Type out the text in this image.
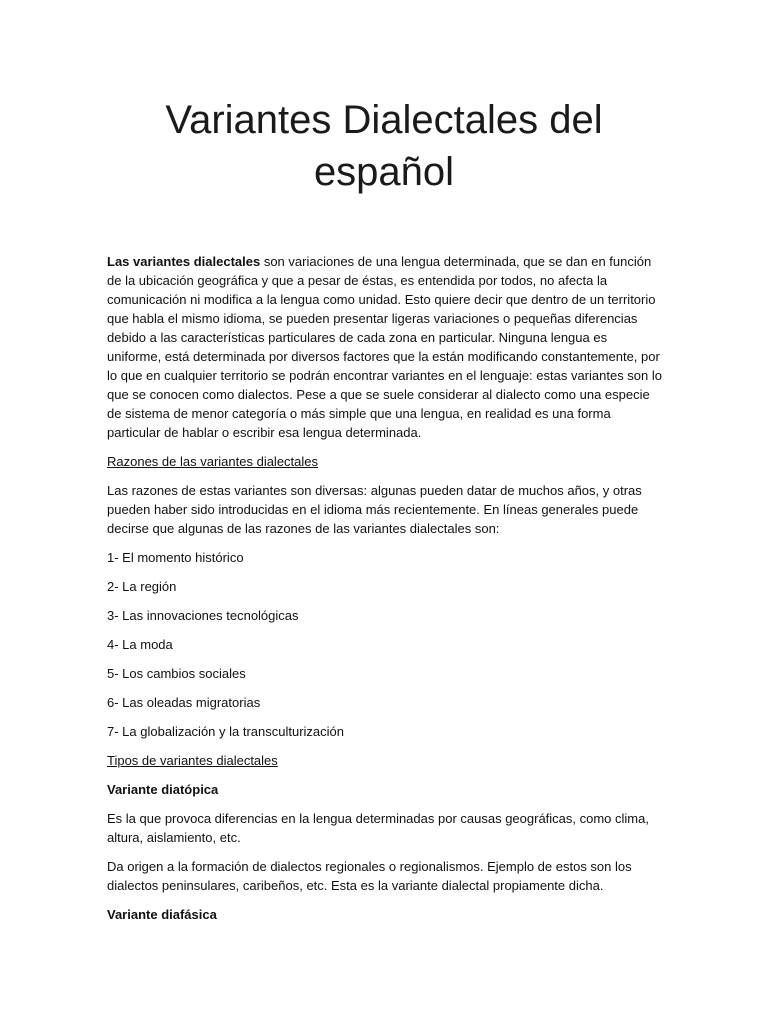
Variantes Dialectales del
español

Las variantes dialectales son variaciones de una lengua determinada, que se dan en función de la ubicación geográfica y que a pesar de éstas, es entendida por todos, no afecta la comunicación ni modifica a la lengua como unidad. Esto quiere decir que dentro de un territorio que habla el mismo idioma, se pueden presentar ligeras variaciones o pequeñas diferencias debido a las características particulares de cada zona en particular. Ninguna lengua es uniforme, está determinada por diversos factores que la están modificando constantemente, por lo que en cualquier territorio se podrán encontrar variantes en el lenguaje: estas variantes son lo que se conocen como dialectos. Pese a que se suele considerar al dialecto como una especie de sistema de menor categoría o más simple que una lengua, en realidad es una forma particular de hablar o escribir esa lengua determinada.

Razones de las variantes dialectales

Las razones de estas variantes son diversas: algunas pueden datar de muchos años, y otras pueden haber sido introducidas en el idioma más recientemente. En líneas generales puede decirse que algunas de las razones de las variantes dialectales son:

1- El momento histórico
2- La región
3- Las innovaciones tecnológicas
4- La moda
5- Los cambios sociales
6- Las oleadas migratorias
7- La globalización y la transculturización
Tipos de variantes dialectales
Variante diatópica

Es la que provoca diferencias en la lengua determinadas por causas geográficas, como clima, altura, aislamiento, etc.

Da origen a la formación de dialectos regionales o regionalismos. Ejemplo de estos son los dialectos peninsulares, caribeños, etc. Esta es la variante dialectal propiamente dicha.

Variante diafásica
